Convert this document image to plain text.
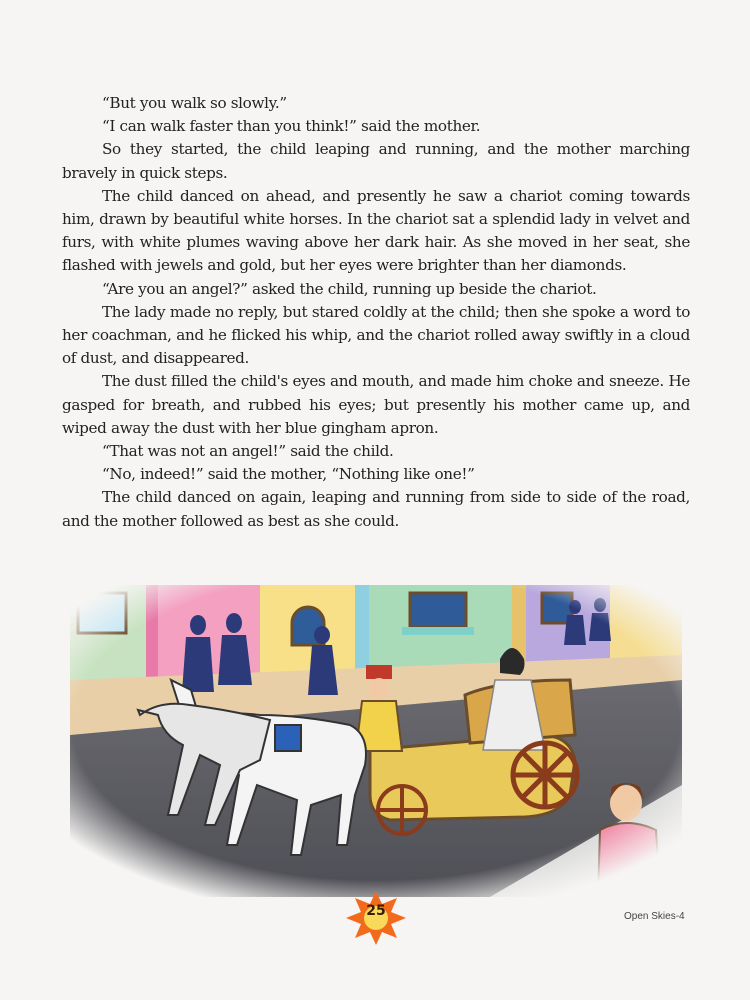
“But you walk so slowly.”

“I can walk faster than you think!” said the mother.

So they started, the child leaping and running, and the mother marching bravely in quick steps.

The child danced on ahead, and presently he saw a chariot coming towards him, drawn by beautiful white horses. In the chariot sat a splendid lady in velvet and furs, with white plumes waving above her dark hair. As she moved in her seat, she flashed with jewels and gold, but her eyes were brighter than her diamonds.

“Are you an angel?” asked the child, running up beside the chariot.

The lady made no reply, but stared coldly at the child; then she spoke a word to her coachman, and he flicked his whip, and the chariot rolled away swiftly in a cloud of dust, and disappeared.

The dust filled the child's eyes and mouth, and made him choke and sneeze. He gasped for breath, and rubbed his eyes; but presently his mother came up, and wiped away the dust with her blue gingham apron.

“That was not an angel!” said the child.

“No, indeed!” said the mother, “Nothing like one!”

The child danced on again, leaping and running from side to side of the road, and the mother followed as best as she could.

25	Open Skies-4
